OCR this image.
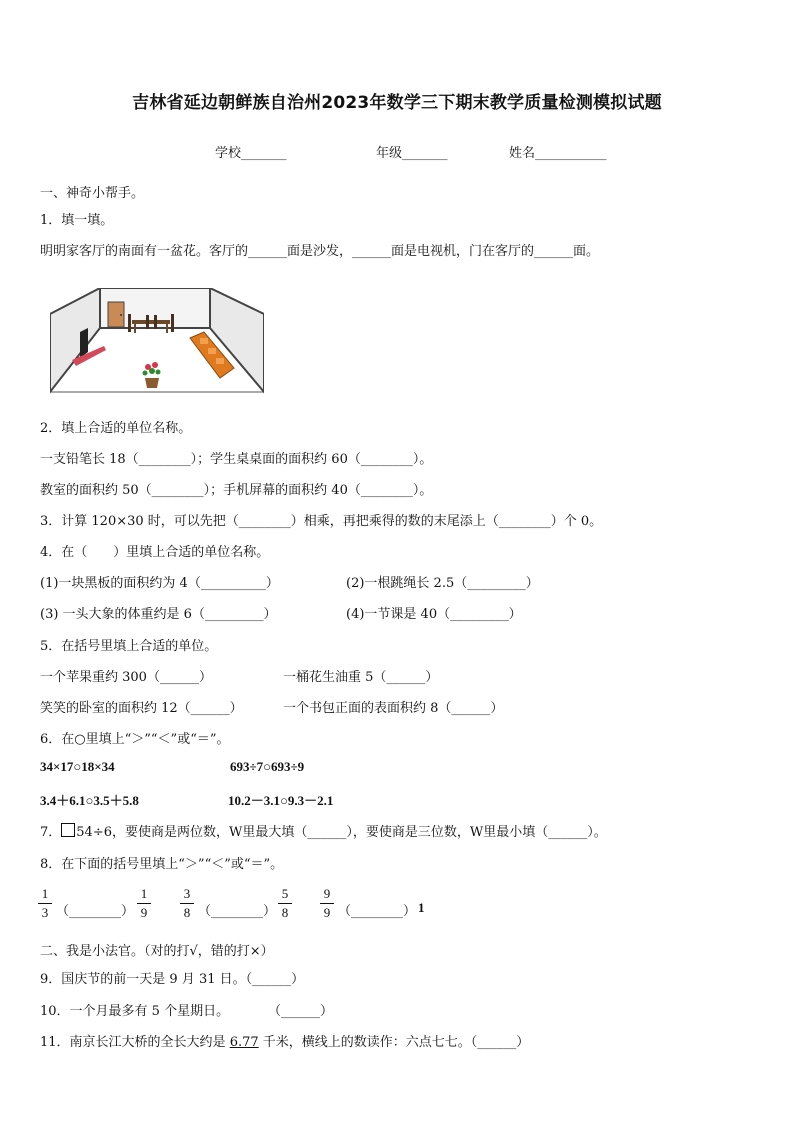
吉林省延边朝鲜族自治州2023年数学三下期末教学质量检测模拟试题
学校_______	年级_______	姓名___________
一、神奇小帮手。
1．填一填。
明明家客厅的南面有一盆花。客厅的______面是沙发，______面是电视机，门在客厅的______面。
2．填上合适的单位名称。
一支铅笔长 18（________）；学生桌桌面的面积约 60（________）。
教室的面积约 50（________）；手机屏幕的面积约 40（________）。
3．计算 120×30 时，可以先把（________）相乘，再把乘得的数的末尾添上（________）个 0。
4．在（　　）里填上合适的单位名称。
(1)一块黑板的面积约为 4（__________）	(2)一根跳绳长 2.5（_________）
(3) 一头大象的体重约是 6（_________）	(4)一节课是 40（_________）
5．在括号里填上合适的单位。
一个苹果重约 300（______）	一桶花生油重 5（______）
笑笑的卧室的面积约 12（______）	一个书包正面的表面积约 8（______）
6．在○里填上“＞”“＜”或“＝”。
34×17○18×34	693÷7○693÷9
3.4＋6.1○3.5＋5.8	10.2－3.1○9.3－2.1
7． 54÷6，要使商是两位数，W里最大填（______），要使商是三位数，W里最小填（______）。
8．在下面的括号里填上“＞”“＜”或“＝”。
1
3 （________）
1
9
3
8 （________）
5
8
9
9 （________） 1
二、我是小法官。（对的打√，错的打×）
9．国庆节的前一天是 9 月 31 日。（______）
10．一个月最多有 5 个星期日。	（______）
11．南京长江大桥的全长大约是 6.77 千米，横线上的数读作：六点七七。（______）
